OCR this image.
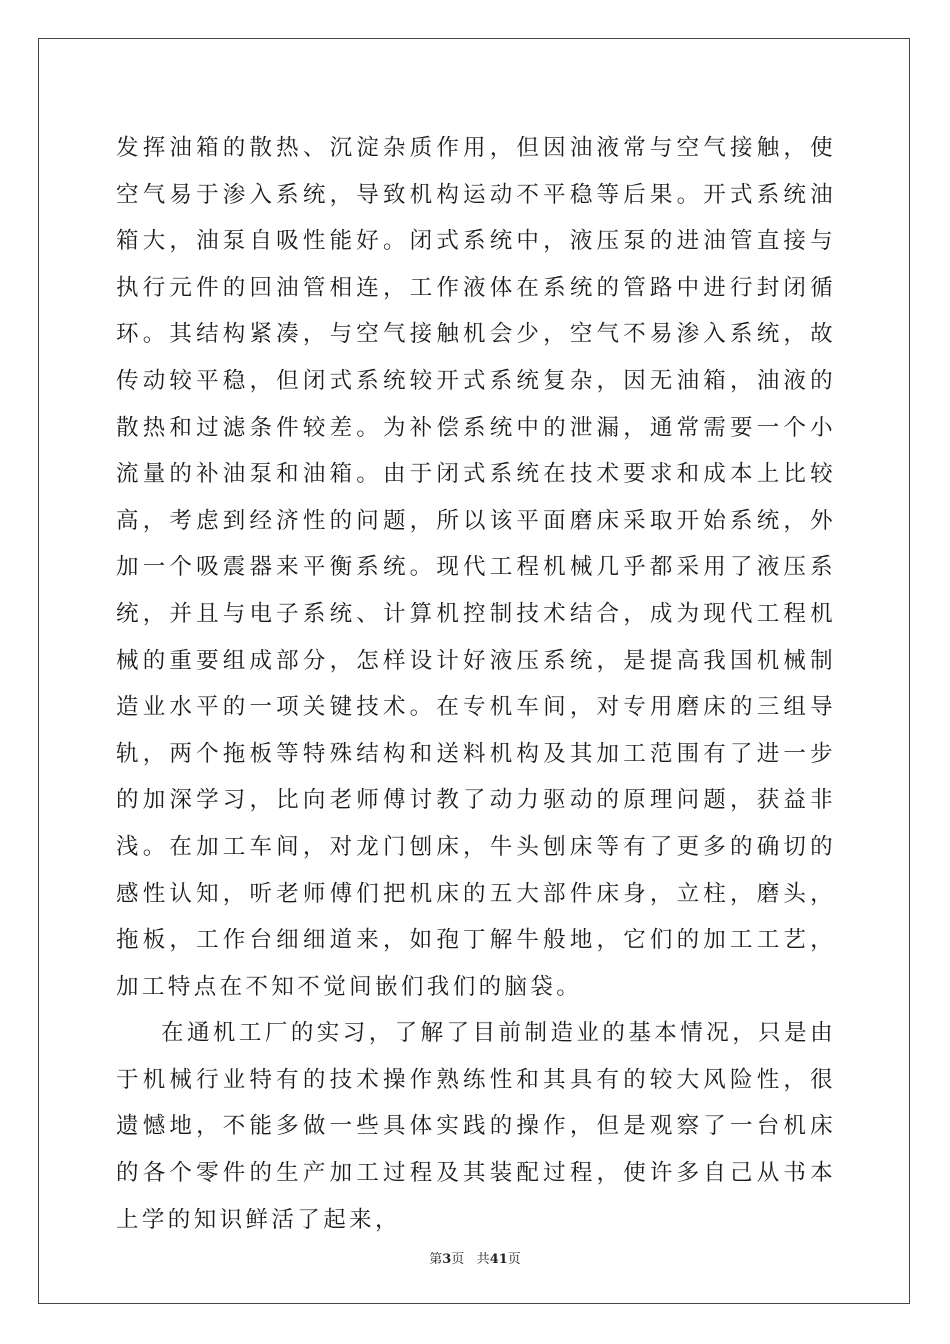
发挥油箱的散热、沉淀杂质作用，但因油液常与空气接触，使空气易于渗入系统，导致机构运动不平稳等后果。开式系统油箱大，油泵自吸性能好。闭式系统中，液压泵的进油管直接与执行元件的回油管相连，工作液体在系统的管路中进行封闭循环。其结构紧凑，与空气接触机会少，空气不易渗入系统，故传动较平稳，但闭式系统较开式系统复杂，因无油箱，油液的散热和过滤条件较差。为补偿系统中的泄漏，通常需要一个小流量的补油泵和油箱。由于闭式系统在技术要求和成本上比较高，考虑到经济性的问题，所以该平面磨床采取开始系统，外加一个吸震器来平衡系统。现代工程机械几乎都采用了液压系统，并且与电子系统、计算机控制技术结合，成为现代工程机械的重要组成部分，怎样设计好液压系统，是提高我国机械制造业水平的一项关键技术。在专机车间，对专用磨床的三组导轨，两个拖板等特殊结构和送料机构及其加工范围有了进一步的加深学习，比向老师傅讨教了动力驱动的原理问题，获益非浅。在加工车间，对龙门刨床，牛头刨床等有了更多的确切的感性认知，听老师傅们把机床的五大部件床身，立柱，磨头，拖板，工作台细细道来，如孢丁解牛般地，它们的加工工艺，加工特点在不知不觉间嵌们我们的脑袋。

在通机工厂的实习，了解了目前制造业的基本情况，只是由于机械行业特有的技术操作熟练性和其具有的较大风险性，很遗憾地，不能多做一些具体实践的操作，但是观察了一台机床的各个零件的生产加工过程及其装配过程，使许多自己从书本上学的知识鲜活了起来，

第3页 共41页
